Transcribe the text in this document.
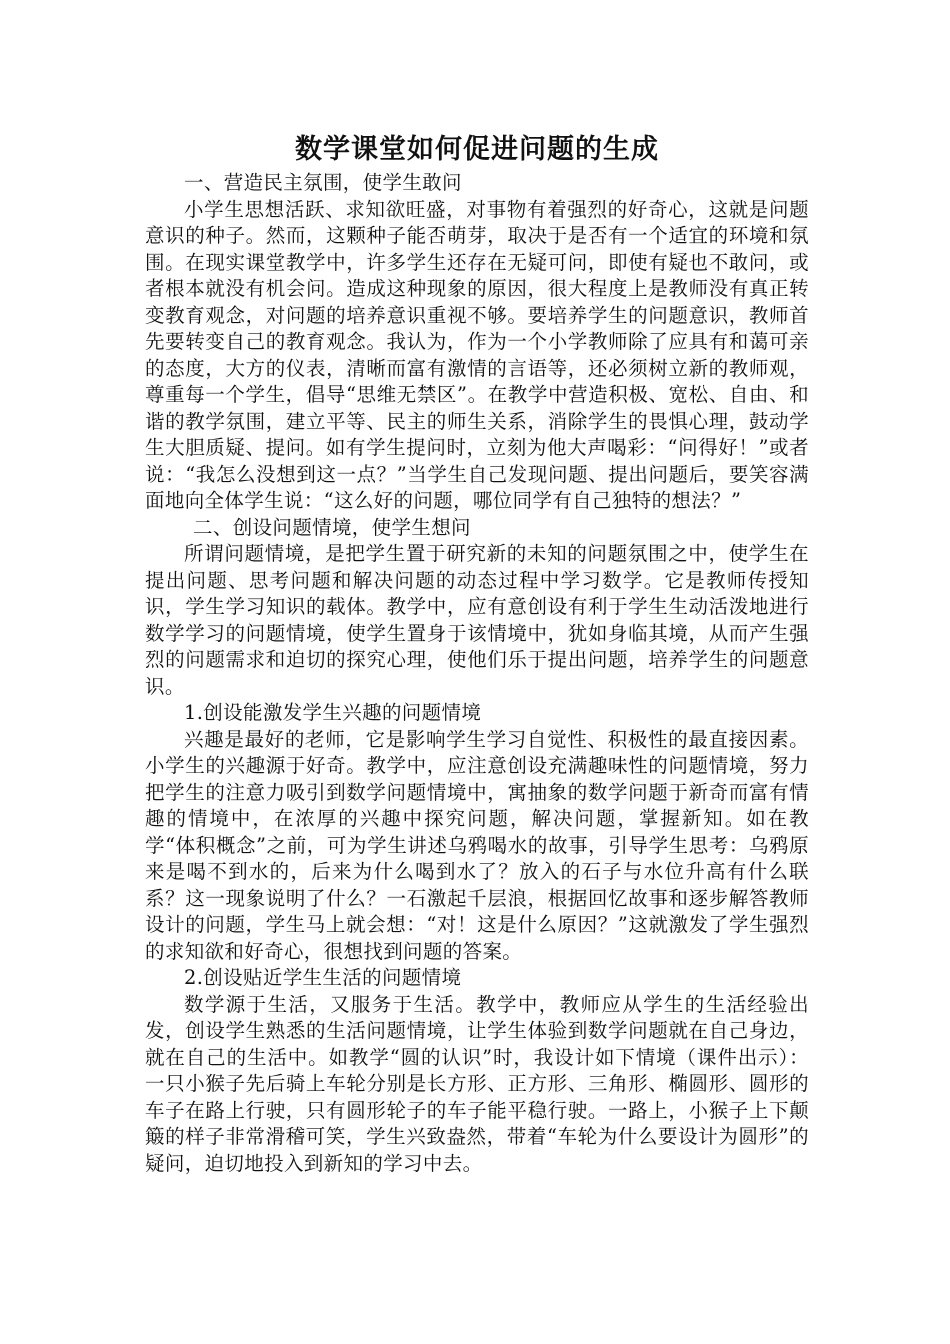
数学课堂如何促进问题的生成

一、营造民主氛围，使学生敢问

小学生思想活跃、求知欲旺盛，对事物有着强烈的好奇心，这就是问题意识的种子。然而，这颗种子能否萌芽，取决于是否有一个适宜的环境和氛围。在现实课堂教学中，许多学生还存在无疑可问，即使有疑也不敢问，或者根本就没有机会问。造成这种现象的原因，很大程度上是教师没有真正转变教育观念，对问题的培养意识重视不够。要培养学生的问题意识，教师首先要转变自己的教育观念。我认为，作为一个小学教师除了应具有和蔼可亲的态度，大方的仪表，清晰而富有激情的言语等，还必须树立新的教师观，尊重每一个学生，倡导“思维无禁区”。在教学中营造积极、宽松、自由、和谐的教学氛围，建立平等、民主的师生关系，消除学生的畏惧心理，鼓动学生大胆质疑、提问。如有学生提问时，立刻为他大声喝彩：“问得好！”或者说：“我怎么没想到这一点？”当学生自己发现问题、提出问题后，要笑容满面地向全体学生说：“这么好的问题，哪位同学有自己独特的想法？”

二、创设问题情境，使学生想问

所谓问题情境，是把学生置于研究新的未知的问题氛围之中，使学生在提出问题、思考问题和解决问题的动态过程中学习数学。它是教师传授知识，学生学习知识的载体。教学中，应有意创设有利于学生生动活泼地进行数学学习的问题情境，使学生置身于该情境中，犹如身临其境，从而产生强烈的问题需求和迫切的探究心理，使他们乐于提出问题，培养学生的问题意识。

1.创设能激发学生兴趣的问题情境

兴趣是最好的老师，它是影响学生学习自觉性、积极性的最直接因素。小学生的兴趣源于好奇。教学中，应注意创设充满趣味性的问题情境，努力把学生的注意力吸引到数学问题情境中，寓抽象的数学问题于新奇而富有情趣的情境中，在浓厚的兴趣中探究问题，解决问题，掌握新知。如在教学“体积概念”之前，可为学生讲述乌鸦喝水的故事，引导学生思考：乌鸦原来是喝不到水的，后来为什么喝到水了？放入的石子与水位升高有什么联系？这一现象说明了什么？一石激起千层浪，根据回忆故事和逐步解答教师设计的问题，学生马上就会想：“对！这是什么原因？”这就激发了学生强烈的求知欲和好奇心，很想找到问题的答案。

2.创设贴近学生生活的问题情境

数学源于生活，又服务于生活。教学中，教师应从学生的生活经验出发，创设学生熟悉的生活问题情境，让学生体验到数学问题就在自己身边，就在自己的生活中。如教学“圆的认识”时，我设计如下情境（课件出示）：一只小猴子先后骑上车轮分别是长方形、正方形、三角形、椭圆形、圆形的车子在路上行驶，只有圆形轮子的车子能平稳行驶。一路上，小猴子上下颠簸的样子非常滑稽可笑，学生兴致盎然，带着“车轮为什么要设计为圆形”的疑问，迫切地投入到新知的学习中去。
